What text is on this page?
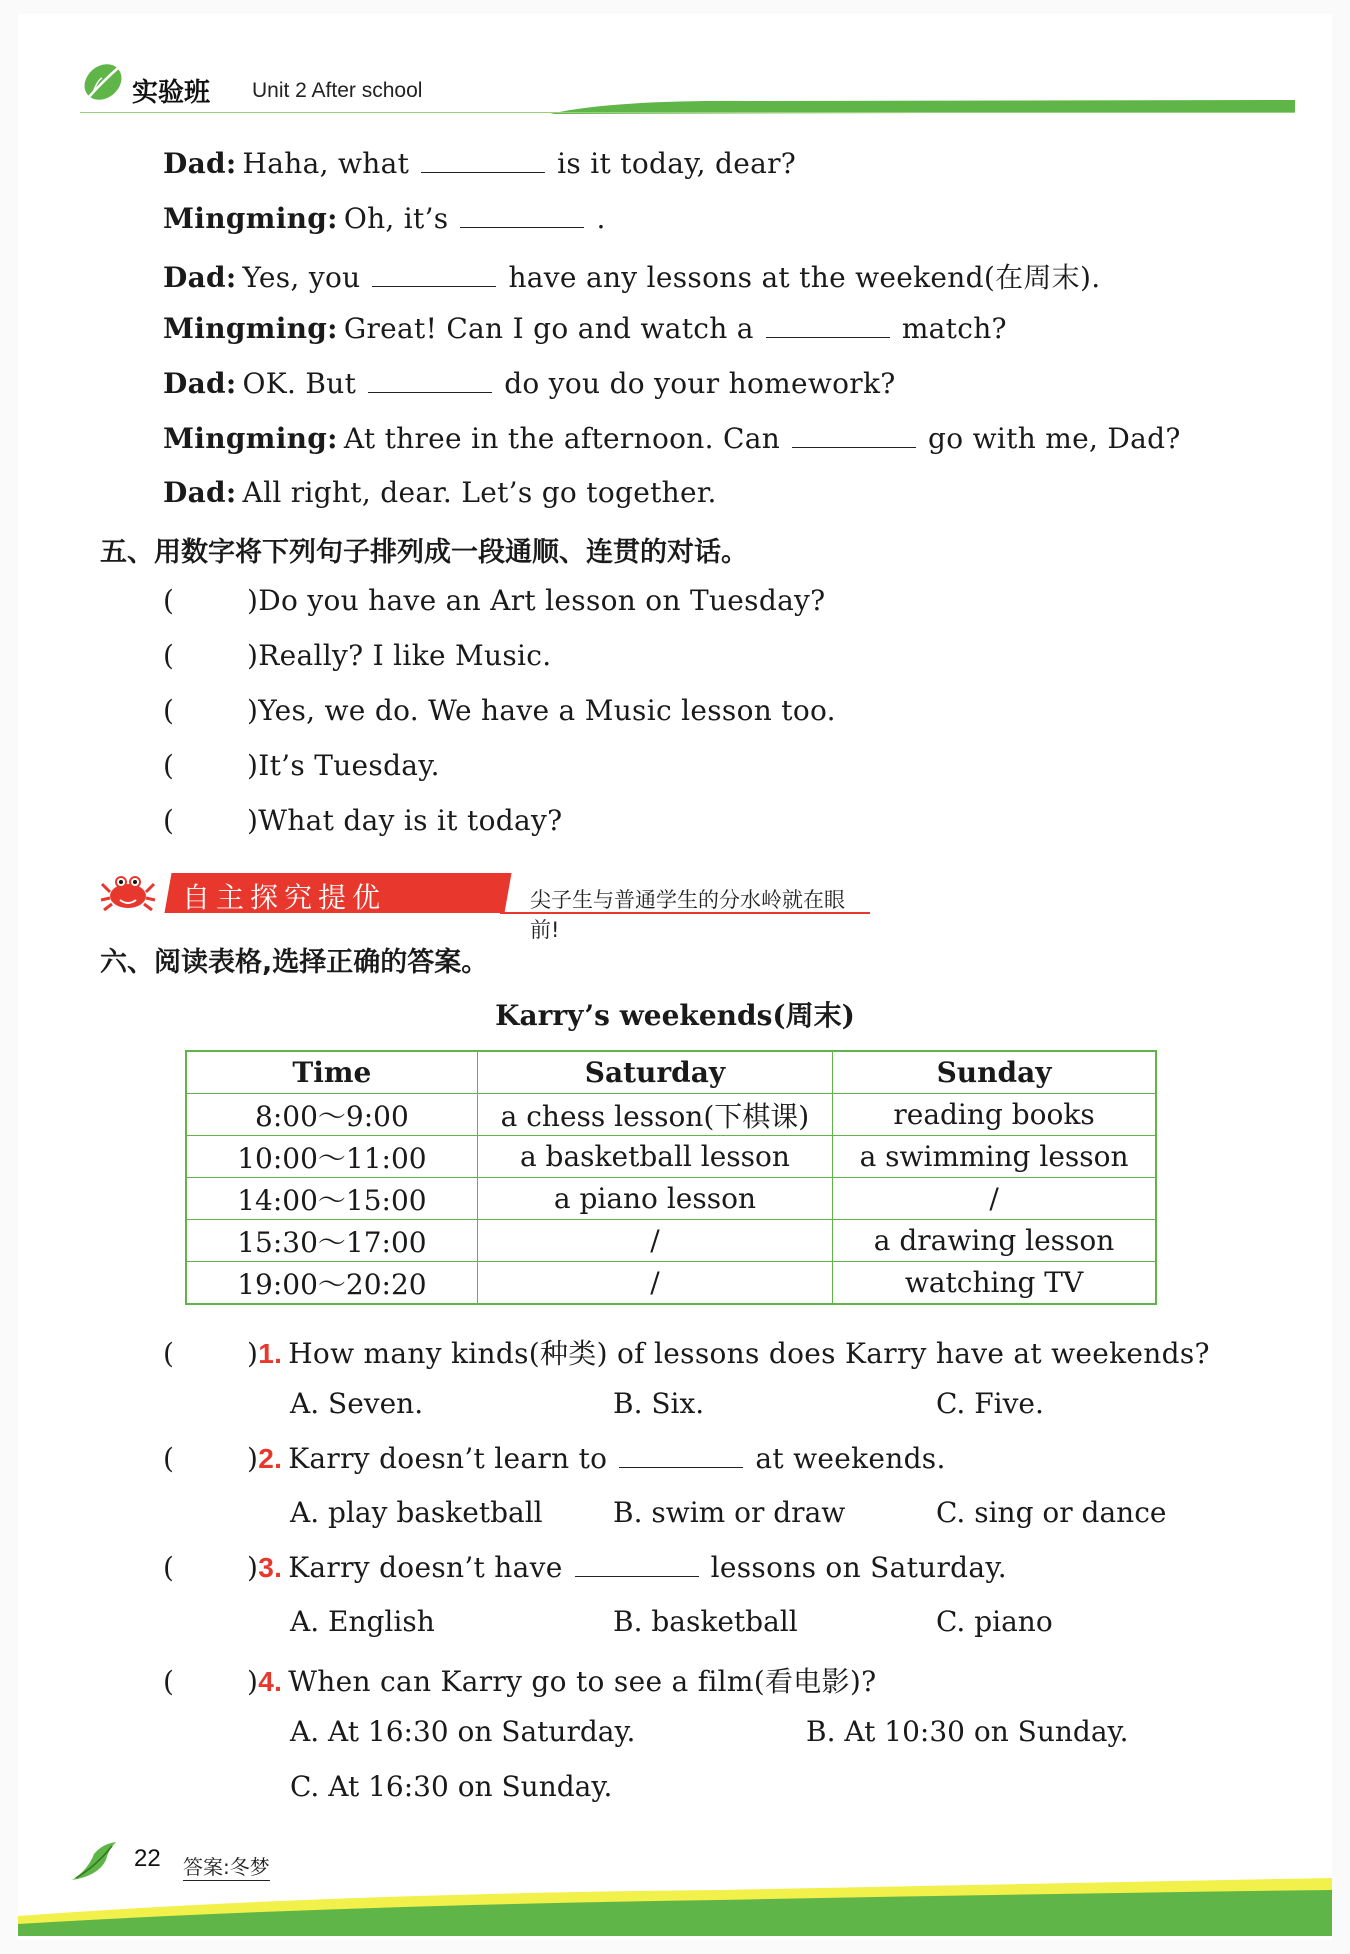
实验班 Unit 2 After school
Dad: Haha, what	is it today, dear?
Mingming: Oh, it’s	.
Dad: Yes, you	have any lessons at the weekend(在周末).
Mingming: Great! Can I go and watch a	match?
Dad: OK. But	do you do your homework?
Mingming: At three in the afternoon. Can	go with me, Dad?
Dad: All right, dear. Let’s go together.
五、用数字将下列句子排列成一段通顺、连贯的对话。
(	)Do you have an Art lesson on Tuesday?
(	)Really? I like Music.
(	)Yes, we do. We have a Music lesson too.
(	)It’s Tuesday.
(	)What day is it today?
自主探究提优	尖子生与普通学生的分水岭就在眼前!
六、阅读表格,选择正确的答案。
Karry’s weekends(周末)
Time	Saturday	Sunday
8:00～9:00	a chess lesson(下棋课)	reading books
10:00～11:00	a basketball lesson	a swimming lesson
14:00～15:00	a piano lesson	/
15:30～17:00	/	a drawing lesson
19:00～20:20	/	watching TV
(	)1. How many kinds(种类) of lessons does Karry have at weekends?
A. Seven.	B. Six.	C. Five.
(	)2. Karry doesn’t learn to	at weekends.
A. play basketball	B. swim or draw	C. sing or dance
(	)3. Karry doesn’t have	lessons on Saturday.
A. English	B. basketball	C. piano
(	)4. When can Karry go to see a film(看电影)?
A. At 16:30 on Saturday.	B. At 10:30 on Sunday.
C. At 16:30 on Sunday.
22 答案:冬梦
